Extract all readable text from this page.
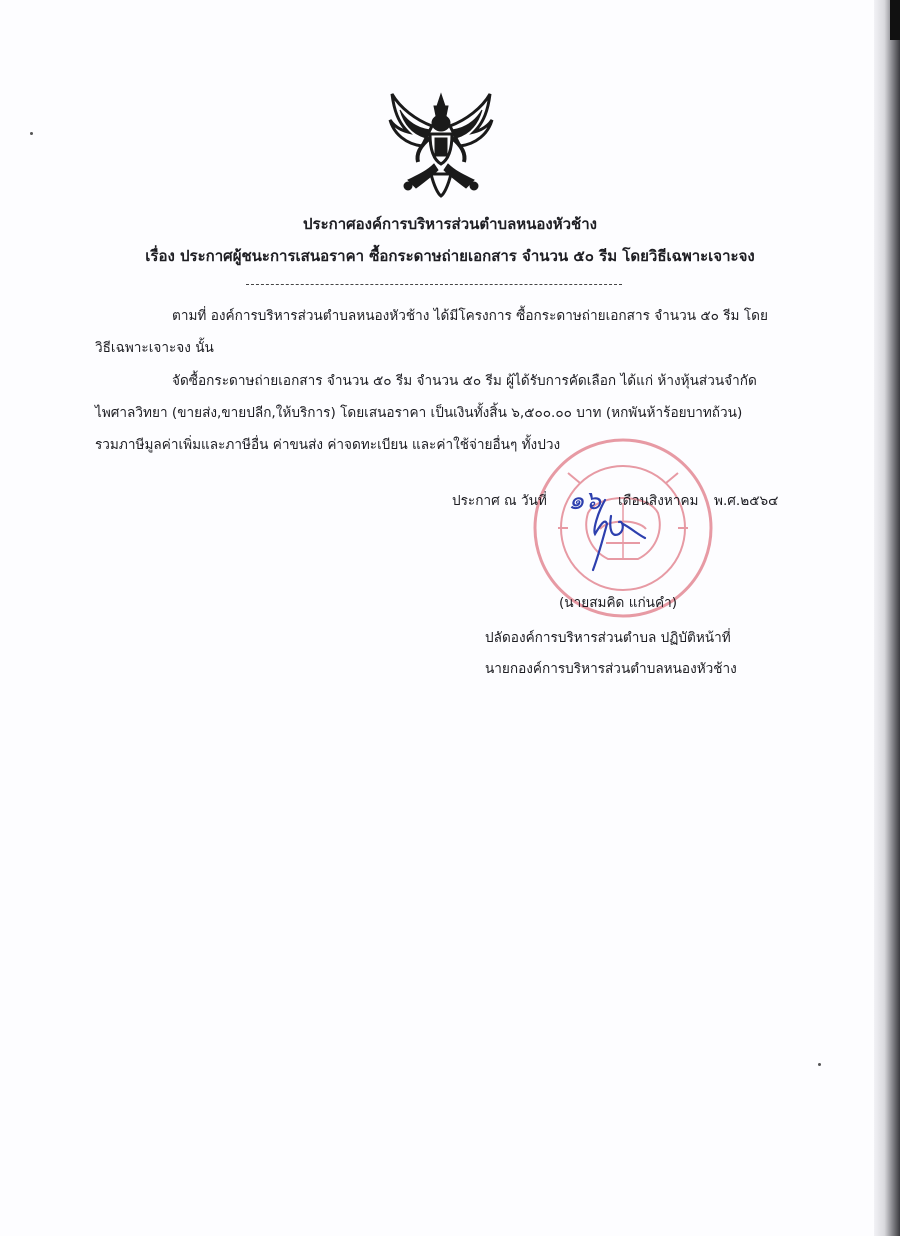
ประกาศองค์การบริหารส่วนตำบลหนองหัวช้าง
เรื่อง ประกาศผู้ชนะการเสนอราคา ซื้อกระดาษถ่ายเอกสาร จำนวน ๕๐ รีม โดยวิธีเฉพาะเจาะจง
ตามที่ องค์การบริหารส่วนตำบลหนองหัวช้าง ได้มีโครงการ ซื้อกระดาษถ่ายเอกสาร จำนวน ๕๐ รีม โดย
วิธีเฉพาะเจาะจง นั้น
จัดซื้อกระดาษถ่ายเอกสาร จำนวน ๕๐ รีม จำนวน ๕๐ รีม ผู้ได้รับการคัดเลือก ได้แก่ ห้างหุ้นส่วนจำกัด
ไพศาลวิทยา (ขายส่ง,ขายปลีก,ให้บริการ) โดยเสนอราคา เป็นเงินทั้งสิ้น ๖,๕๐๐.๐๐ บาท (หกพันห้าร้อยบาทถ้วน)
รวมภาษีมูลค่าเพิ่มและภาษีอื่น ค่าขนส่ง ค่าจดทะเบียน และค่าใช้จ่ายอื่นๆ ทั้งปวง
ประกาศ ณ วันที่ ๑๖ เดือนสิงหาคม พ.ศ.๒๕๖๔
(นายสมคิด แก่นคำ)
ปลัดองค์การบริหารส่วนตำบล ปฏิบัติหน้าที่
นายกองค์การบริหารส่วนตำบลหนองหัวช้าง
